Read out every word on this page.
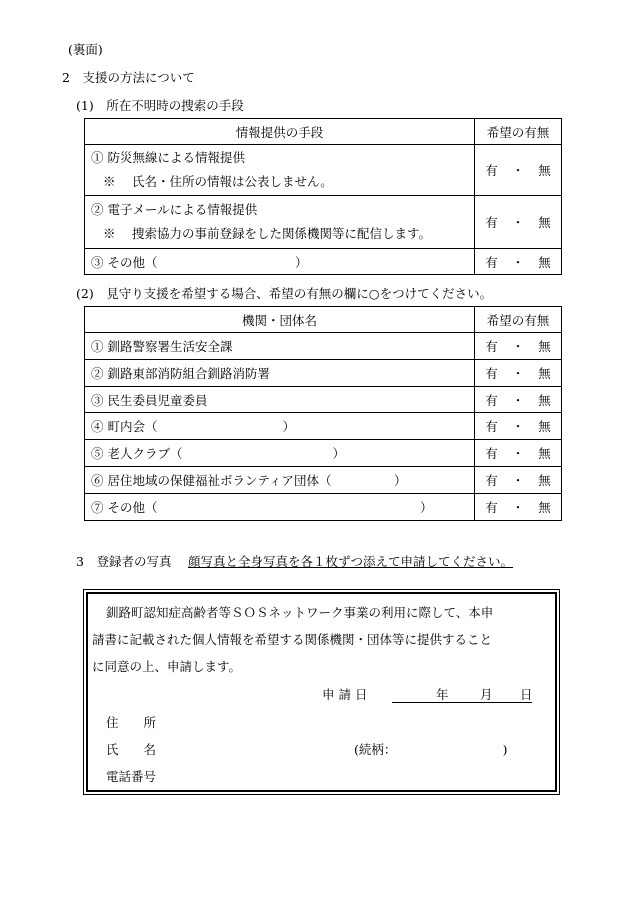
(裏面)
2　支援の方法について
(1)　所在不明時の捜索の手段
情報提供の手段	希望の有無

① 防災無線による情報提供
※　 氏名・住所の情報は公表しません。	有 ・ 無

② 電子メールによる情報提供
※　 捜索協力の事前登録をした関係機関等に配信します。	有 ・ 無
③ その他（　　　　　　　　　　　）	有 ・ 無
(2)　見守り支援を希望する場合、希望の有無の欄に○をつけてください。
機関・団体名	希望の有無
① 釧路警察署生活安全課	有 ・ 無
② 釧路東部消防組合釧路消防署	有 ・ 無
③ 民生委員児童委員	有 ・ 無
④ 町内会（　　　　　　　　　　）	有 ・ 無
⑤ 老人クラブ（　　　　　　　　　　　　）	有 ・ 無
⑥ 居住地域の保健福祉ボランティア団体（　　　　　）	有 ・ 無
⑦ その他（　　　　　　　　　　　　　　　　　　　　　）	有 ・ 無
3　登録者の写真　 顔写真と全身写真を各１枚ずつ添えて申請してください。
釧路町認知症高齢者等ＳＯＳネットワーク事業の利用に際して、本申
請書に記載された個人情報を希望する関係機関・団体等に提供すること
に同意の上、申請します。
申 請 日	年	月 日
住　　所
氏　　名	(続柄：　　　　　　　　　)
電話番号
